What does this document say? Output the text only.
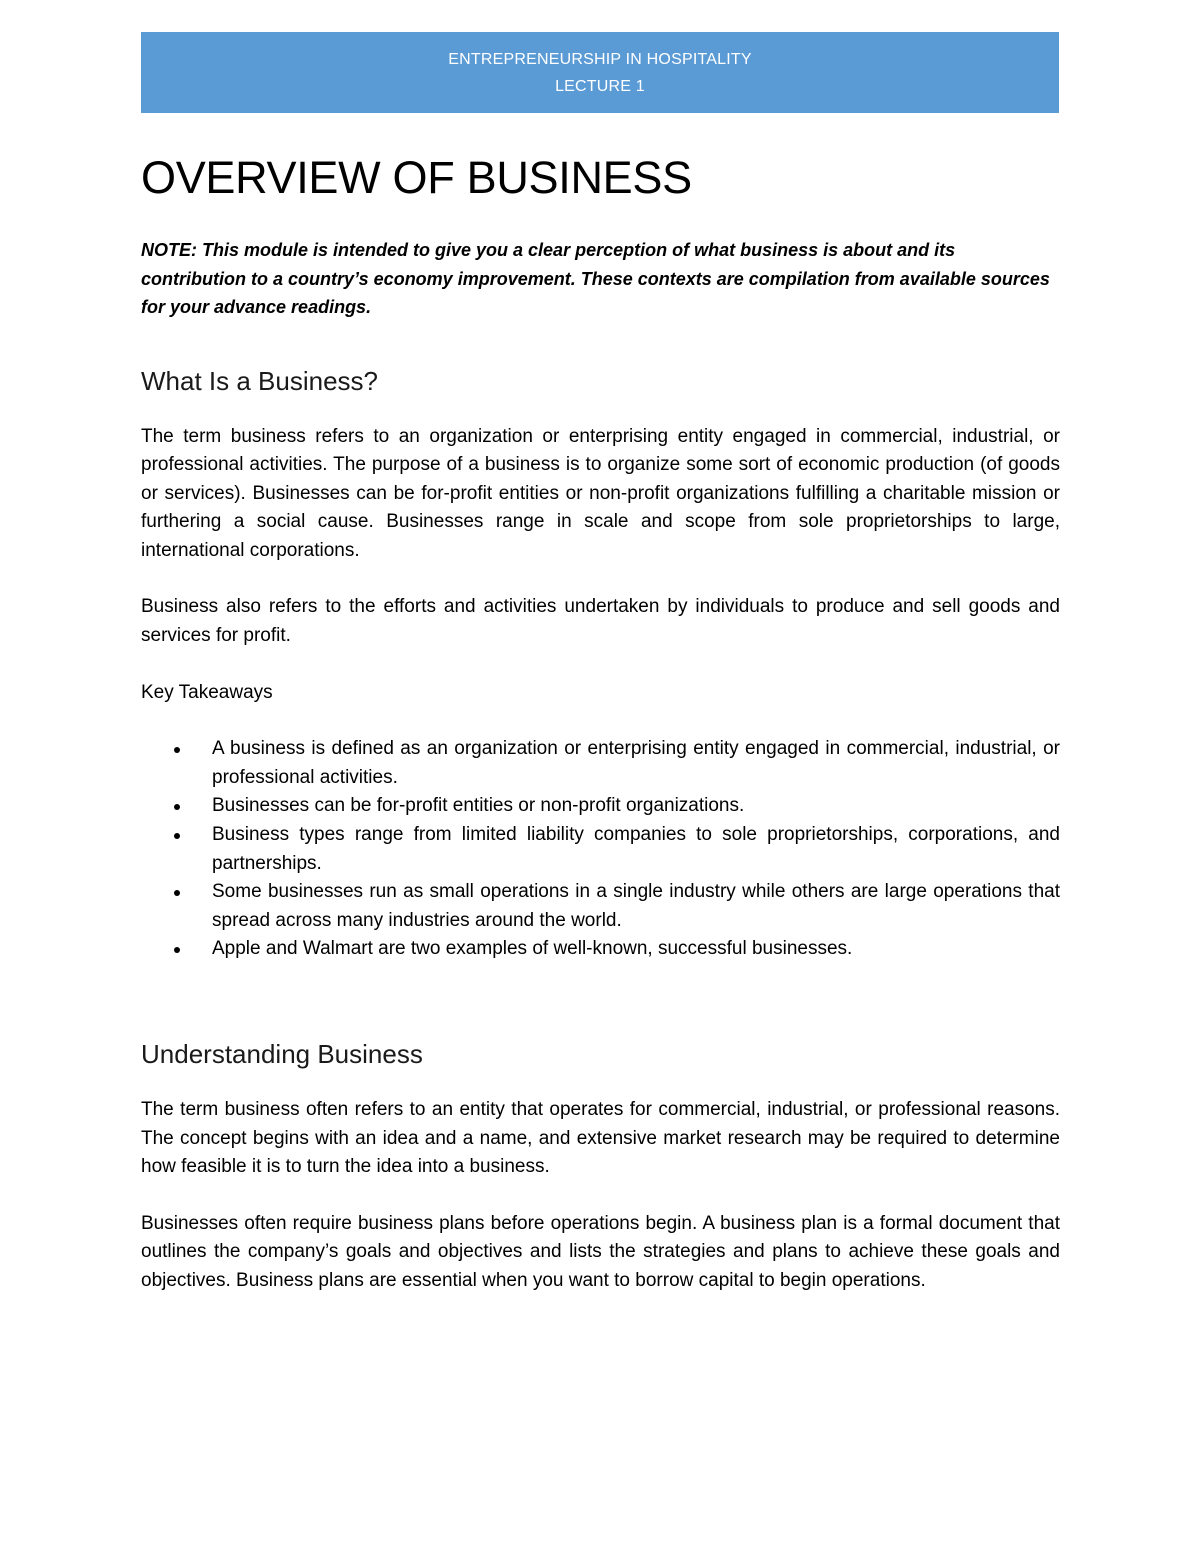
ENTREPRENEURSHIP IN HOSPITALITY
LECTURE 1
OVERVIEW OF BUSINESS

NOTE: This module is intended to give you a clear perception of what business is about and its contribution to a country’s economy improvement. These contexts are compilation from available sources for your advance readings.

What Is a Business?

The term business refers to an organization or enterprising entity engaged in commercial, industrial, or professional activities. The purpose of a business is to organize some sort of economic production (of goods or services). Businesses can be for-profit entities or non-profit organizations fulfilling a charitable mission or furthering a social cause. Businesses range in scale and scope from sole proprietorships to large, international corporations.

Business also refers to the efforts and activities undertaken by individuals to produce and sell goods and services for profit.

Key Takeaways

A business is defined as an organization or enterprising entity engaged in commercial, industrial, or professional activities.
Businesses can be for-profit entities or non-profit organizations.
Business types range from limited liability companies to sole proprietorships, corporations, and partnerships.
Some businesses run as small operations in a single industry while others are large operations that spread across many industries around the world.
Apple and Walmart are two examples of well-known, successful businesses.
Understanding Business

The term business often refers to an entity that operates for commercial, industrial, or professional reasons. The concept begins with an idea and a name, and extensive market research may be required to determine how feasible it is to turn the idea into a business.

Businesses often require business plans before operations begin. A business plan is a formal document that outlines the company’s goals and objectives and lists the strategies and plans to achieve these goals and objectives. Business plans are essential when you want to borrow capital to begin operations.
